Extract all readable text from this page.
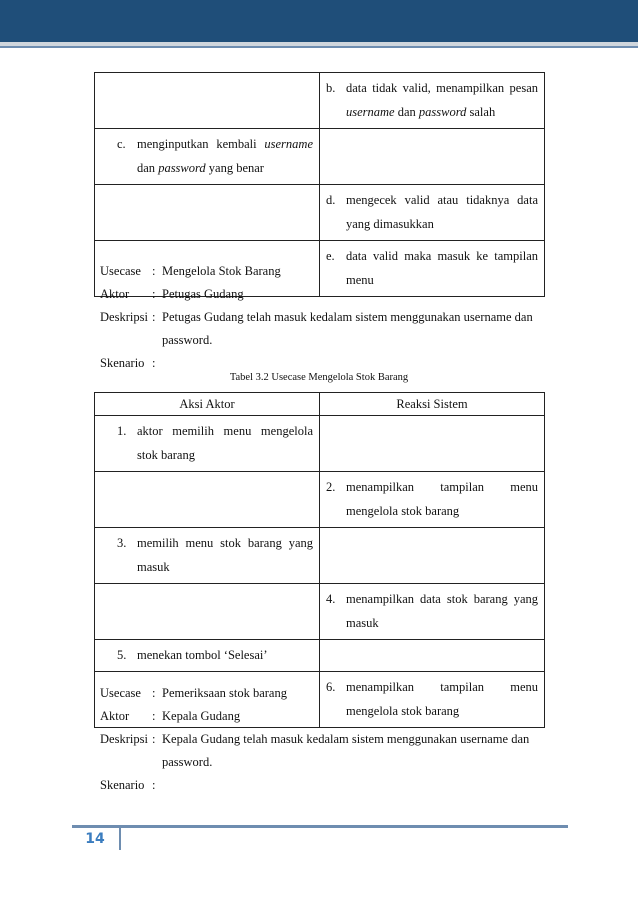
	b. data tidak valid, menampilkan pesan username dan password salah

c. menginputkan kembali username dan password yang benar	

	d. mengecek valid atau tidaknya data yang dimasukkan

	e. data valid maka masuk ke tampilan menu
Usecase : Mengelola Stok Barang
Aktor	: Petugas Gudang
Deskripsi : Petugas Gudang telah masuk kedalam sistem menggunakan username dan
password.
Skenario :
Tabel 3.2 Usecase Mengelola Stok Barang
Aksi Aktor	Reaksi Sistem

1. aktor memilih menu mengelola stok barang	

	2. menampilkan tampilan menu mengelola stok barang

3. memilih menu stok barang yang masuk	

	4. menampilkan data stok barang yang masuk

5. menekan tombol ‘Selesai’	

	6. menampilkan tampilan menu mengelola stok barang
Usecase : Pemeriksaan stok barang
Aktor	: Kepala Gudang
Deskripsi : Kepala Gudang telah masuk kedalam sistem menggunakan username dan
password.
Skenario :
14
